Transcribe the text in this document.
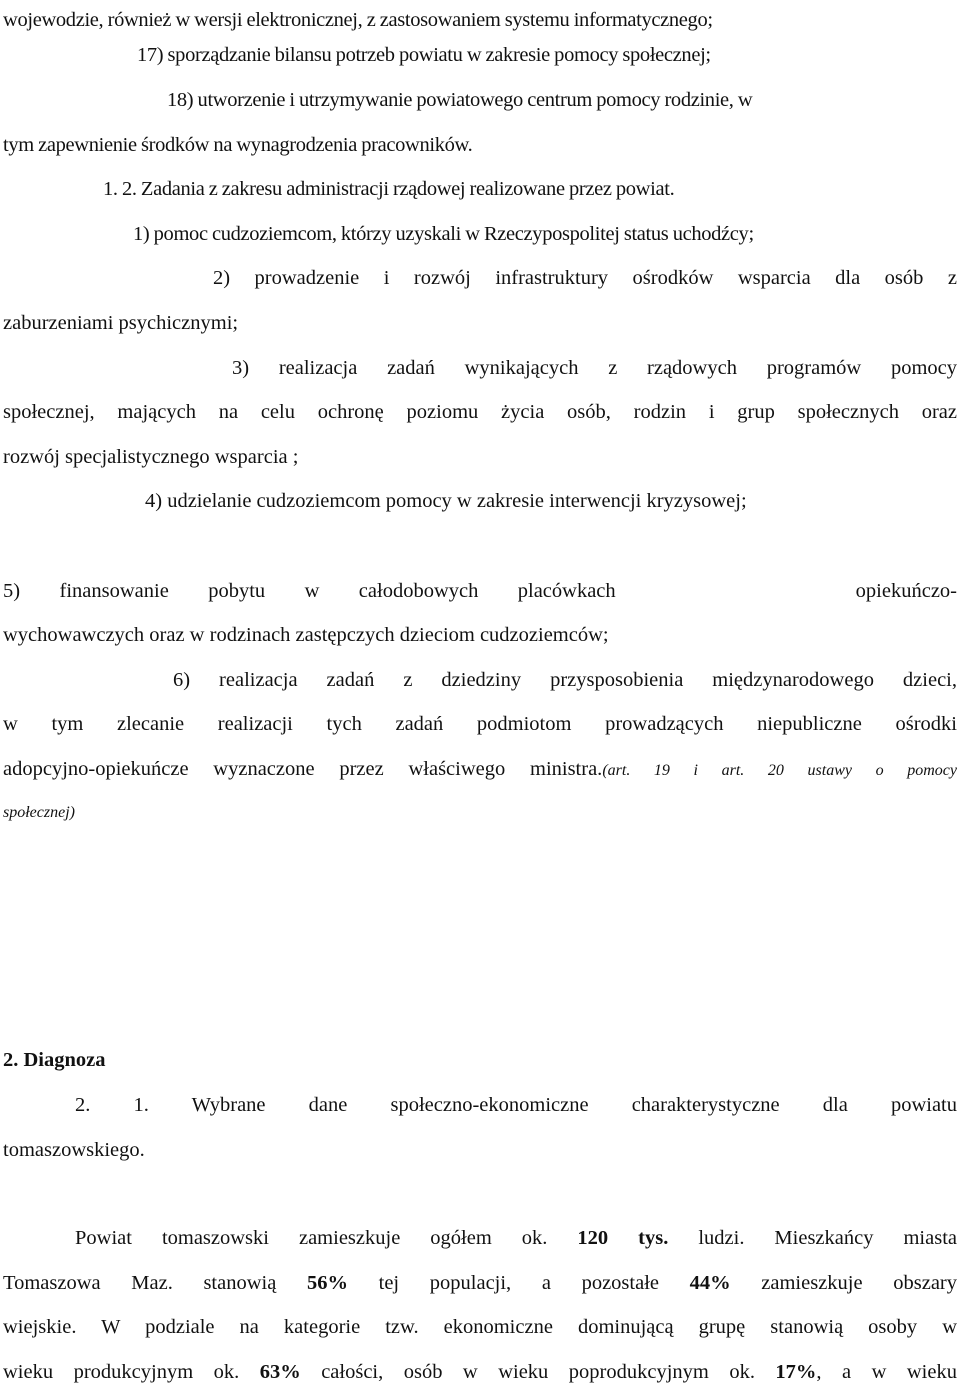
wojewodzie, również w wersji elektronicznej, z zastosowaniem systemu informatycznego;
17) sporządzanie bilansu potrzeb powiatu w zakresie pomocy społecznej;
18) utworzenie i utrzymywanie powiatowego centrum pomocy rodzinie, w
tym zapewnienie środków na wynagrodzenia pracowników.
1. 2. Zadania z zakresu administracji rządowej realizowane przez powiat.
1) pomoc cudzoziemcom, którzy uzyskali w Rzeczypospolitej status uchodźcy;
2) prowadzenie i rozwój infrastruktury ośrodków wsparcia dla osób z
zaburzeniami psychicznymi;
3) realizacja zadań wynikających z rządowych programów pomocy
społecznej, mających na celu ochronę poziomu życia osób, rodzin i grup społecznych oraz
rozwój specjalistycznego wsparcia ;
4) udzielanie cudzoziemcom pomocy w zakresie interwencji kryzysowej;
5) finansowanie pobytu w całodobowych placówkach	opiekuńczo-
wychowawczych oraz w rodzinach zastępczych dzieciom cudzoziemców;
6) realizacja zadań z dziedziny przysposobienia międzynarodowego dzieci,
w tym zlecanie realizacji tych zadań podmiotom prowadzących niepubliczne ośrodki
adopcyjno-opiekuńcze wyznaczone przez właściwego ministra.(art. 19 i art. 20 ustawy o pomocy
społecznej)
2. Diagnoza
2. 1. Wybrane dane społeczno-ekonomiczne charakterystyczne dla powiatu
tomaszowskiego.
Powiat tomaszowski zamieszkuje ogółem ok. 120 tys. ludzi. Mieszkańcy miasta
Tomaszowa Maz. stanowią 56% tej populacji, a pozostałe 44% zamieszkuje obszary
wiejskie. W podziale na kategorie tzw. ekonomiczne dominującą grupę stanowią osoby w
wieku produkcyjnym ok. 63% całości, osób w wieku poprodukcyjnym ok. 17%, a w wieku
